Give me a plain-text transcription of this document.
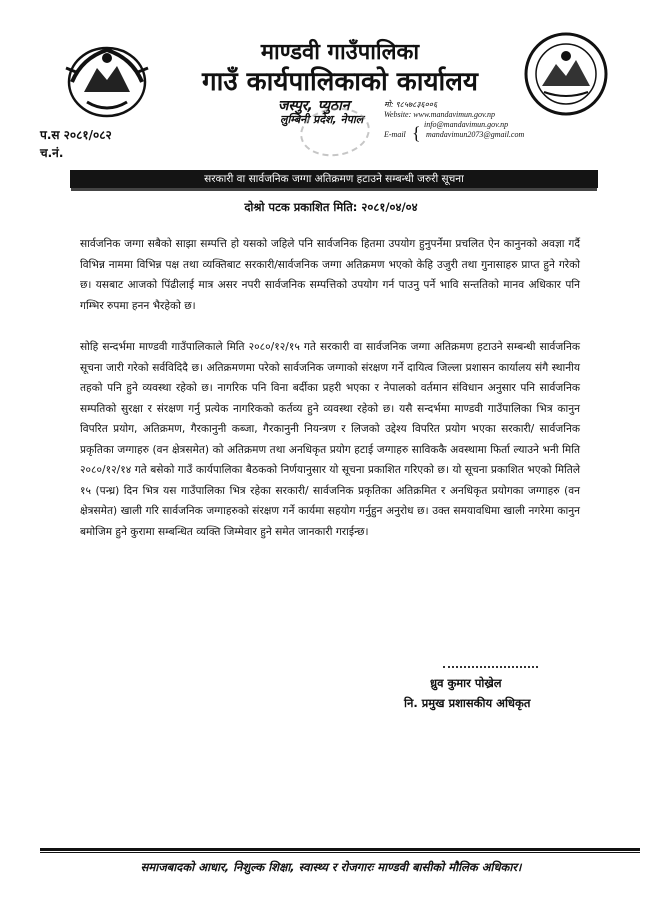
माण्डवी गाउँपालिका
गाउँ कार्यपालिकाको कार्यालय
जस्पुर, प्युठान
लुम्बिनी प्रदेश, नेपाल
मो: ९८५७८३६००६
Website: www.mandavimun.gov.np
info@mandavimun.gov.np
E-mail	mandavimun2073@gmail.com
{
प.स २०८१/०८२
च.नं.
सरकारी वा सार्वजनिक जग्गा अतिक्रमण हटाउने सम्बन्धी जरुरी सूचना
दोश्रो पटक प्रकाशित मिति: २०८१/०४/०४
सार्वजनिक जग्गा सबैको साझा सम्पत्ति हो यसको जहिले पनि सार्वजनिक हितमा उपयोग हुनुपर्नेमा प्रचलित ऐन कानुनको अवज्ञा गर्दै विभिन्न नाममा विभिन्न पक्ष तथा व्यक्तिबाट सरकारी/सार्वजनिक जग्गा अतिक्रमण भएको केहि उजुरी तथा गुनासाहरु प्राप्त हुने गरेको छ। यसबाट आजको पिंढीलाई मात्र असर नपरी सार्वजनिक सम्पत्तिको उपयोग गर्न पाउनु पर्ने भावि सन्ततिको मानव अधिकार पनि गम्भिर रुपमा हनन भैरहेको छ।
सोहि सन्दर्भमा माण्डवी गाउँपालिकाले मिति २०८०/१२/१५ गते सरकारी वा सार्वजनिक जग्गा अतिक्रमण हटाउने सम्बन्धी सार्वजनिक सूचना जारी गरेको सर्वविदिदै छ। अतिक्रमणमा परेको सार्वजनिक जग्गाको संरक्षण गर्ने दायित्व जिल्ला प्रशासन कार्यालय संगै स्थानीय तहको पनि हुने व्यवस्था रहेको छ। नागरिक पनि विना बर्दीका प्रहरी भएका र नेपालको वर्तमान संविधान अनुसार पनि सार्वजनिक सम्पतिको सुरक्षा र संरक्षण गर्नु प्रत्येक नागरिकको कर्तव्य हुने व्यवस्था रहेको छ। यसै सन्दर्भमा माण्डवी गाउँपालिका भित्र कानुन विपरित प्रयोग, अतिक्रमण, गैरकानुनी कब्जा, गैरकानुनी नियन्त्रण र लिजको उद्देश्य विपरित प्रयोग भएका सरकारी/ सार्वजनिक प्रकृतिका जग्गाहरु (वन क्षेत्रसमेत) को अतिक्रमण तथा अनधिकृत प्रयोग हटाई जग्गाहरु साविककै अवस्थामा फिर्ता ल्याउने भनी मिति २०८०/१२/१४ गते बसेको गाउँ कार्यपालिका बैठकको निर्णयानुसार यो सूचना प्रकाशित गरिएको छ। यो सूचना प्रकाशित भएको मितिले १५ (पन्ध्र) दिन भित्र यस गाउँपालिका भित्र रहेका सरकारी/ सार्वजनिक प्रकृतिका अतिक्रमित र अनधिकृत प्रयोगका जग्गाहरु (वन क्षेत्रसमेत) खाली गरि सार्वजनिक जग्गाहरुको संरक्षण गर्ने कार्यमा सहयोग गर्नुहुन अनुरोध छ। उक्त समयावधिमा खाली नगरेमा कानुन बमोजिम हुने कुरामा सम्बन्धित व्यक्ति जिम्मेवार हुने समेत जानकारी गराईन्छ।
ध्रुव कुमार पोख्रेल
नि. प्रमुख प्रशासकीय अधिकृत
समाजबादको आधार, निशुल्क शिक्षा, स्वास्थ्य र रोजगारः माण्डवी बासीको मौलिक अधिकार।
